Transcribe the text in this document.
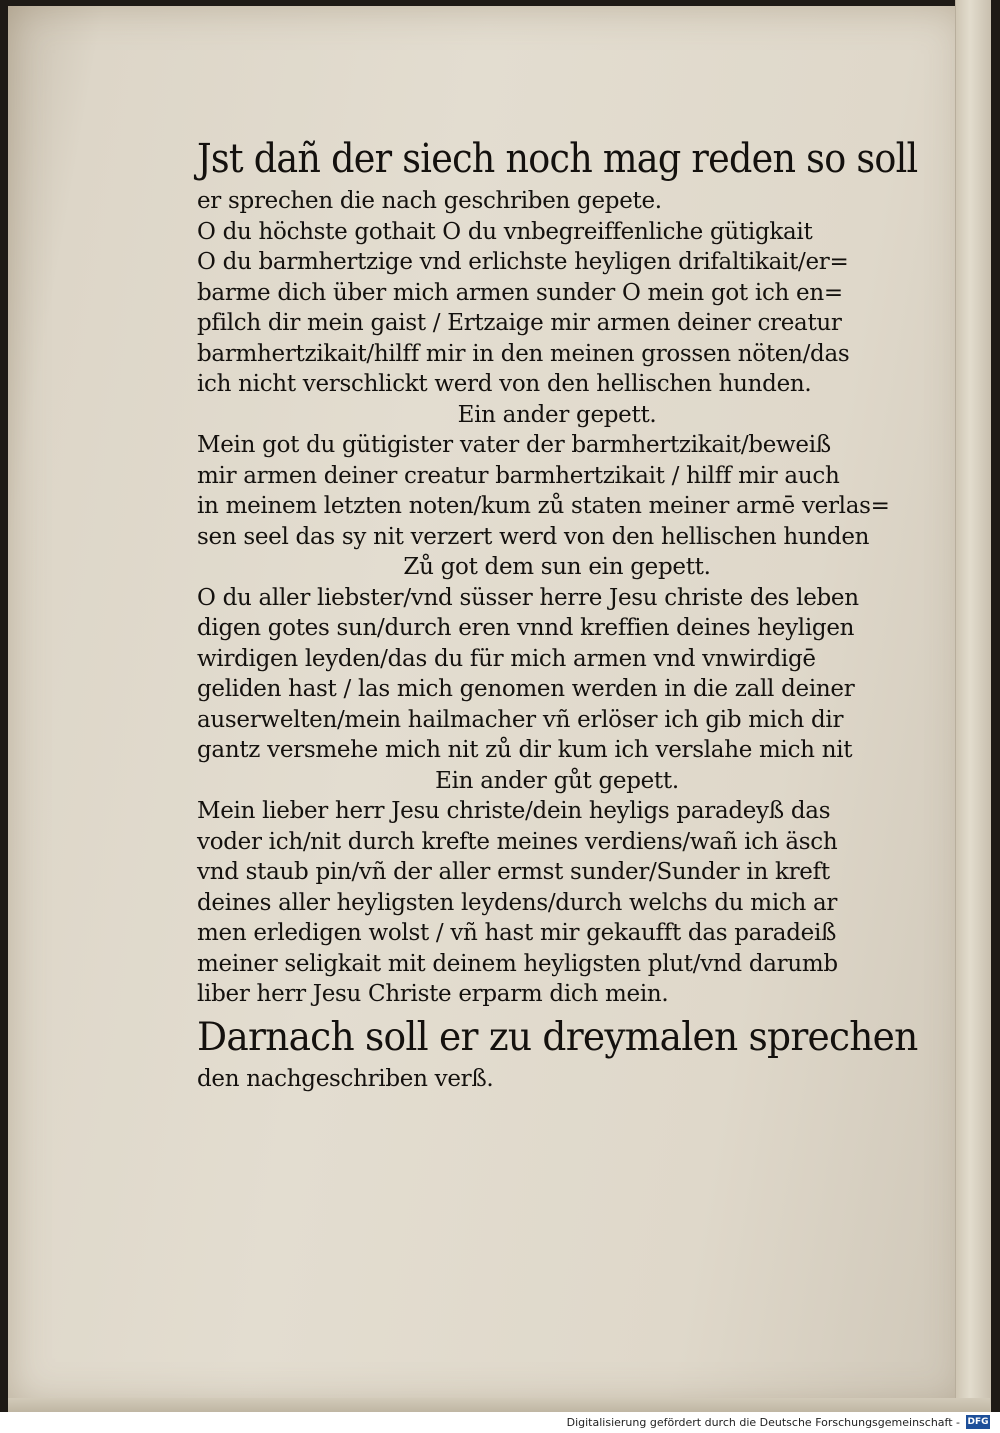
Jst dañ der siech noch mag reden so soll
er sprechen die nach geschriben gepete.
O du höchste gothait O du vnbegreiffenliche gütigkait
O du barmhertzige vnd erlichste heyligen drifaltikait/er=
barme dich über mich armen sunder O mein got ich en=
pfilch dir mein gaist / Ertzaige mir armen deiner creatur
barmhertzikait/hilff mir in den meinen grossen nöten/das
ich nicht verschlickt werd von den hellischen hunden.
Ein ander gepett.
Mein got du gütigister vater der barmhertzikait/beweiß
mir armen deiner creatur barmhertzikait / hilff mir auch
in meinem letzten noten/kum zů staten meiner armē verlas=
sen seel das sy nit verzert werd von den hellischen hunden
Zů got dem sun ein gepett.
O du aller liebster/vnd süsser herre Jesu christe des leben
digen gotes sun/durch eren vnnd kreffien deines heyligen
wirdigen leyden/das du für mich armen vnd vnwirdigē
geliden hast / las mich genomen werden in die zall deiner
auserwelten/mein hailmacher vñ erlöser ich gib mich dir
gantz versmehe mich nit zů dir kum ich verslahe mich nit
Ein ander gůt gepett.
Mein lieber herr Jesu christe/dein heyligs paradeyß das
voder ich/nit durch krefte meines verdiens/wañ ich äsch
vnd staub pin/vñ der aller ermst sunder/Sunder in kreft
deines aller heyligsten leydens/durch welchs du mich ar
men erledigen wolst / vñ hast mir gekaufft das paradeiß
meiner seligkait mit deinem heyligsten plut/vnd darumb
liber herr Jesu Christe erparm dich mein.
Darnach soll er zu dreymalen sprechen
den nachgeschriben verß.
Digitalisierung gefördert durch die Deutsche Forschungsgemeinschaft - DFG
